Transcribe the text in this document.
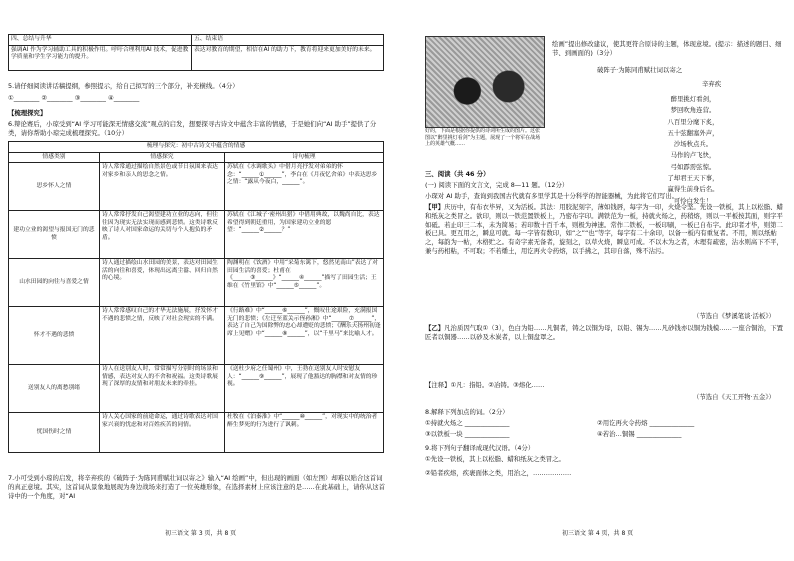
四、总结与升华	五、结束语
强调AI 作为学习辅助工具的积极作用。呼吁合理利用AI 技术，促进教学质量和学生学习能力的提升。	表达对教育的期望，相信在AI 的助力下，教育将迎来更加美好的未来。
5.请仔细阅读讲话稿提纲，参照提示，给自己拟写的三个部分，补充横线。（4分）
①________ ②________ ③________ ④________
【梳理探究】
6.辩论赛后，小琼受到“AI 学习可能深无情感交流”观点的启发，想要探寻古诗文中蕴含丰富的情感，于是她们向“AI 助手”提供了分类，请你帮助小琼完成梳理探究。（10分）
梳理与探究：初中古诗文中蕴含的情感		
情感类别	情感探究	诗句梳理
思乡怀人之情	诗人常常通过描绘自然景色或节日氛围来表达对家乡和亲人的思念之情。	苏轼在《水调歌头》中借月亮抒发对弟弟的怀念：“______①______”，李白在《月夜忆舍弟》中表达思乡之情：“露从今夜白，______”。
建功立业的渴望与报国无门的悲愤	诗人常常抒发自己渴望建功立业的志向，但往往因为现实无法实现而感到悲愤。这类诗歌反映了诗人对国家命运的关切与个人抱负的矛盾。	苏轼在《江城子·密州出猎》中借用典故，以魏尚自比，表达希望得到朝廷重用，为国家建功立业的愿望：“______②______？”
山水田园的向往与喜爱之情	诗人通过描绘山水田园的美景，表达对田园生活的向往和喜爱，体现出远离尘嚣、回归自然的心境。	陶渊明在《饮酒》中用“采菊东篱下，悠然见南山”表达了对田园生活的喜爱；杜甫在《______③______》“______④______”描写了田园生活；王维在《竹里馆》中“______⑤______”。
怀才不遇的悲愤	诗人常常感叹自己的才华无法施展，抒发怀才不遇的悲愤之情，反映了对社会现实的不满。	《行路难》中“______⑥______”，慨叹仕途艰险，充满报国无门的悲愤；《左迁至蓝关示侄孙湘》中“______⑦______”，表达了自己为国除弊的忠心却遭贬的悲愤；《酬乐天扬州初逢席上见赠》中“______⑧______”，以“千里马”来比喻人才。
送别友人的离愁别绪	诗人在送别友人时，常常描写分别时的场景和情感，表达对友人的不舍和祝福。这类诗歌展现了深厚的友情和对朋友未来的牵挂。	《送杜少府之任蜀州》中，王勃在送别友人时安慰友人：“______⑨______”，展现了他豁达的胸襟和对友情的珍视。
忧国伤时之情	诗人关心国家的前途命运，通过诗歌表达对国家兴衰的忧虑和对百姓疾苦的同情。	杜牧在《泊秦淮》中“______⑩______”，对现实中的统治者醉生梦死的行为进行了讽刺。
7.小可受到小琼的启发，将辛弃疾的《破阵子·为陈同甫赋壮词以寄之》输入“AI 绘画”中，但出现的画面（如左图）却难以贴合这首词的真正意境。其实，这首词从景象地展现为身边战场来打造了一位英雄形象，在选择素材上应该注意的是……在此基础上，请你从这首诗中的一个角度，对“AI
初三语文 第 3 页，共 8 页
好的，下面是根据你提供的诗词所生成的图片。这张图以“醉里挑灯看剑”为主题，展现了一个将军在战场上的英雄气概……
绘画”提出修改建议，使其更符合原诗的主题，体现意境。(提示：描述的题目、细节、到画面的)（3分）
破阵子·为陈同甫赋壮词以寄之
辛弃疾
醉里挑灯看剑，
梦回吹角连营。
八百里分麾下炙，
五十弦翻塞外声，
沙场秋点兵。
马作的卢飞快，
弓如霹雳弦惊。
了却君王天下事，
赢得生前身后名。
可怜白发生！
三、阅读（共 46 分）
(一) 阅读下面的文言文，完成 8—11 题。（12分）
小琛对 AI 助手，查询到我国古代就有多里学其是十分科学的智能器械，为此将它们写出。
【甲】庆历中，有布衣毕昇，又为活板。其法：用胶泥刻字，薄如钱唇，每字为一印，火烧令坚。先设一铁板，其上以松脂、蜡和纸灰之类冒之。欲印，则以一铁范置铁板上，乃密布字印。满铁范为一板，持就火炀之，药稍熔，则以一平板按其面，则字平如砥。若止印三二本，未为简易；若印数十百千本，则极为神速。常作二铁板，一板印刷，一板已自布字。此印者才毕，则第二板已具。更互用之，瞬息可就。每一字皆有数印，如“之”“也”等字，每字有二十余印，以备一板内有重复者。不用，则以纸帖之，每韵为一帖，木格贮之。有奇字素无备者，旋刻之，以草火烧，瞬息可成。不以木为之者，木理有疏密，沾水则高下不平，兼与药相粘，不可取；不若燔土，用讫再火令药熔，以手拂之，其印自落，殊不沾污。
（节选自《梦溪笔谈·活板》）
【乙】凡治质因气取①（3），色白为铅……凡铜者，铸之以铜为母，以铅、锡为……凡砂钱亦以铜为钱模……一座合铜治，下置匠者以铜器……以砂及木炭者，以上铜盘罩之。
【注释】①凡：指铅。②冶铸。③熔化……
（节选自《天工开物·五金》）
8.解释下列加点的词。（2分）
①持就火炀之 ______________	②用讫再火令药熔 ______________
③以铁板一块 ______________	④若治…铜锡 ______________
9.将下列句子翻译成现代汉语。（4分）
①先设一铁板，其上以松脂、蜡和纸灰之类冒之。
②铅者疾熔，疾裹面体之类，用治之，………………
初三语文 第 4 页，共 8 页
